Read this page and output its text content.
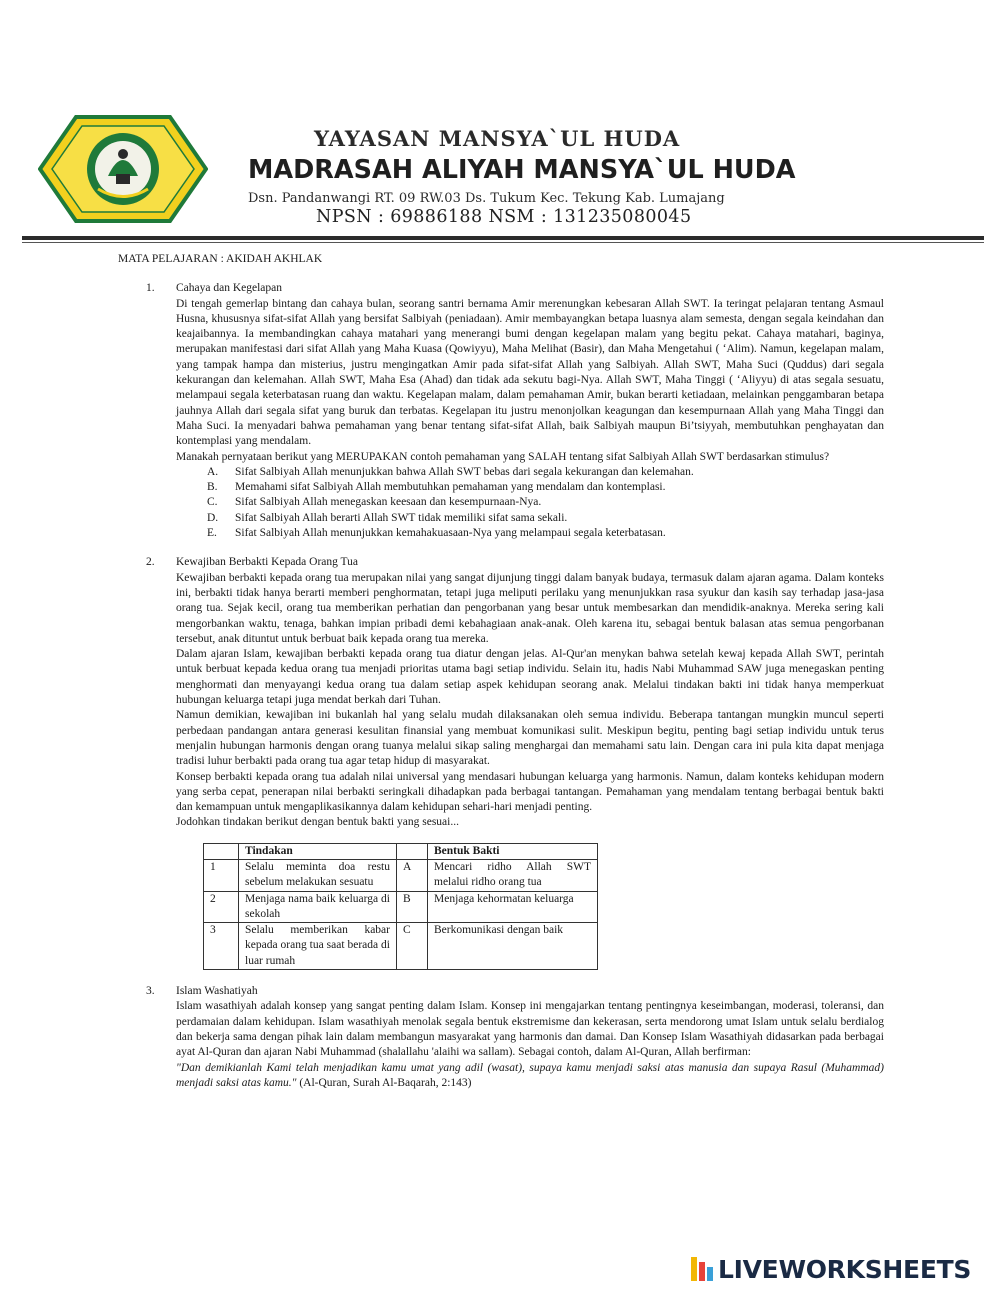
YAYASAN MANSYA`UL HUDA
MADRASAH ALIYAH MANSYA`UL HUDA
Dsn. Pandanwangi RT. 09 RW.03 Ds. Tukum Kec. Tekung Kab. Lumajang
NPSN : 69886188 NSM : 131235080045

MATA PELAJARAN : AKIDAH AKHLAK

1. Cahaya dan Kegelapan

Di tengah gemerlap bintang dan cahaya bulan, seorang santri bernama Amir merenungkan kebesaran Allah SWT. Ia teringat pelajaran tentang Asmaul Husna, khususnya sifat-sifat Allah yang bersifat Salbiyah (peniadaan). Amir membayangkan betapa luasnya alam semesta, dengan segala keindahan dan keajaibannya. Ia membandingkan cahaya matahari yang menerangi bumi dengan kegelapan malam yang begitu pekat. Cahaya matahari, baginya, merupakan manifestasi dari sifat Allah yang Maha Kuasa (Qowiyyu), Maha Melihat (Basir), dan Maha Mengetahui ( ‘Alim). Namun, kegelapan malam, yang tampak hampa dan misterius, justru mengingatkan Amir pada sifat-sifat Allah yang Salbiyah. Allah SWT, Maha Suci (Quddus) dari segala kekurangan dan kelemahan. Allah SWT, Maha Esa (Ahad) dan tidak ada sekutu bagi-Nya. Allah SWT, Maha Tinggi ( ‘Aliyyu) di atas segala sesuatu, melampaui segala keterbatasan ruang dan waktu. Kegelapan malam, dalam pemahaman Amir, bukan berarti ketiadaan, melainkan penggambaran betapa jauhnya Allah dari segala sifat yang buruk dan terbatas. Kegelapan itu justru menonjolkan keagungan dan kesempurnaan Allah yang Maha Tinggi dan Maha Suci. Ia menyadari bahwa pemahaman yang benar tentang sifat-sifat Allah, baik Salbiyah maupun Bi’tsiyyah, membutuhkan penghayatan dan kontemplasi yang mendalam.

Manakah pernyataan berikut yang MERUPAKAN contoh pemahaman yang SALAH tentang sifat Salbiyah Allah SWT berdasarkan stimulus?

A. Sifat Salbiyah Allah menunjukkan bahwa Allah SWT bebas dari segala kekurangan dan kelemahan.
B. Memahami sifat Salbiyah Allah membutuhkan pemahaman yang mendalam dan kontemplasi.
C. Sifat Salbiyah Allah menegaskan keesaan dan kesempurnaan-Nya.
D. Sifat Salbiyah Allah berarti Allah SWT tidak memiliki sifat sama sekali.
E. Sifat Salbiyah Allah menunjukkan kemahakuasaan-Nya yang melampaui segala keterbatasan.
2. Kewajiban Berbakti Kepada Orang Tua

Kewajiban berbakti kepada orang tua merupakan nilai yang sangat dijunjung tinggi dalam banyak budaya, termasuk dalam ajaran agama. Dalam konteks ini, berbakti tidak hanya berarti memberi penghormatan, tetapi juga meliputi perilaku yang menunjukkan rasa syukur dan kasih say terhadap jasa-jasa orang tua. Sejak kecil, orang tua memberikan perhatian dan pengorbanan yang besar untuk membesarkan dan mendidik-anaknya. Mereka sering kali mengorbankan waktu, tenaga, bahkan impian pribadi demi kebahagiaan anak-anak. Oleh karena itu, sebagai bentuk balasan atas semua pengorbanan tersebut, anak dituntut untuk berbuat baik kepada orang tua mereka.

Dalam ajaran Islam, kewajiban berbakti kepada orang tua diatur dengan jelas. Al-Qur'an menykan bahwa setelah kewaj kepada Allah SWT, perintah untuk berbuat kepada kedua orang tua menjadi prioritas utama bagi setiap individu. Selain itu, hadis Nabi Muhammad SAW juga menegaskan penting menghormati dan menyayangi kedua orang tua dalam setiap aspek kehidupan seorang anak. Melalui tindakan bakti ini tidak hanya memperkuat hubungan keluarga tetapi juga mendat berkah dari Tuhan.

Namun demikian, kewajiban ini bukanlah hal yang selalu mudah dilaksanakan oleh semua individu. Beberapa tantangan mungkin muncul seperti perbedaan pandangan antara generasi kesulitan finansial yang membuat komunikasi sulit. Meskipun begitu, penting bagi setiap individu untuk terus menjalin hubungan harmonis dengan orang tuanya melalui sikap saling menghargai dan memahami satu lain. Dengan cara ini pula kita dapat menjaga tradisi luhur berbakti pada orang tua agar tetap hidup di masyarakat.

Konsep berbakti kepada orang tua adalah nilai universal yang mendasari hubungan keluarga yang harmonis. Namun, dalam konteks kehidupan modern yang serba cepat, penerapan nilai berbakti seringkali dihadapkan pada berbagai tantangan. Pemahaman yang mendalam tentang berbagai bentuk bakti dan kemampuan untuk mengaplikasikannya dalam kehidupan sehari-hari menjadi penting.

Jodohkan tindakan berikut dengan bentuk bakti yang sesuai...

	Tindakan		Bentuk Bakti
1	Selalu meminta doa restu sebelum melakukan sesuatu	A	Mencari ridho Allah SWT melalui ridho orang tua
2	Menjaga nama baik keluarga di sekolah	B	Menjaga kehormatan keluarga
3	Selalu memberikan kabar kepada orang tua saat berada di luar rumah	C	Berkomunikasi dengan baik
3. Islam Washatiyah

Islam wasathiyah adalah konsep yang sangat penting dalam Islam. Konsep ini mengajarkan tentang pentingnya keseimbangan, moderasi, toleransi, dan perdamaian dalam kehidupan. Islam wasathiyah menolak segala bentuk ekstremisme dan kekerasan, serta mendorong umat Islam untuk selalu berdialog dan bekerja sama dengan pihak lain dalam membangun masyarakat yang harmonis dan damai. Dan Konsep Islam Wasathiyah didasarkan pada berbagai ayat Al-Quran dan ajaran Nabi Muhammad (shalallahu 'alaihi wa sallam). Sebagai contoh, dalam Al-Quran, Allah berfirman:

"Dan demikianlah Kami telah menjadikan kamu umat yang adil (wasat), supaya kamu menjadi saksi atas manusia dan supaya Rasul (Muhammad) menjadi saksi atas kamu." (Al-Quran, Surah Al-Baqarah, 2:143)

LIVEWORKSHEETS
